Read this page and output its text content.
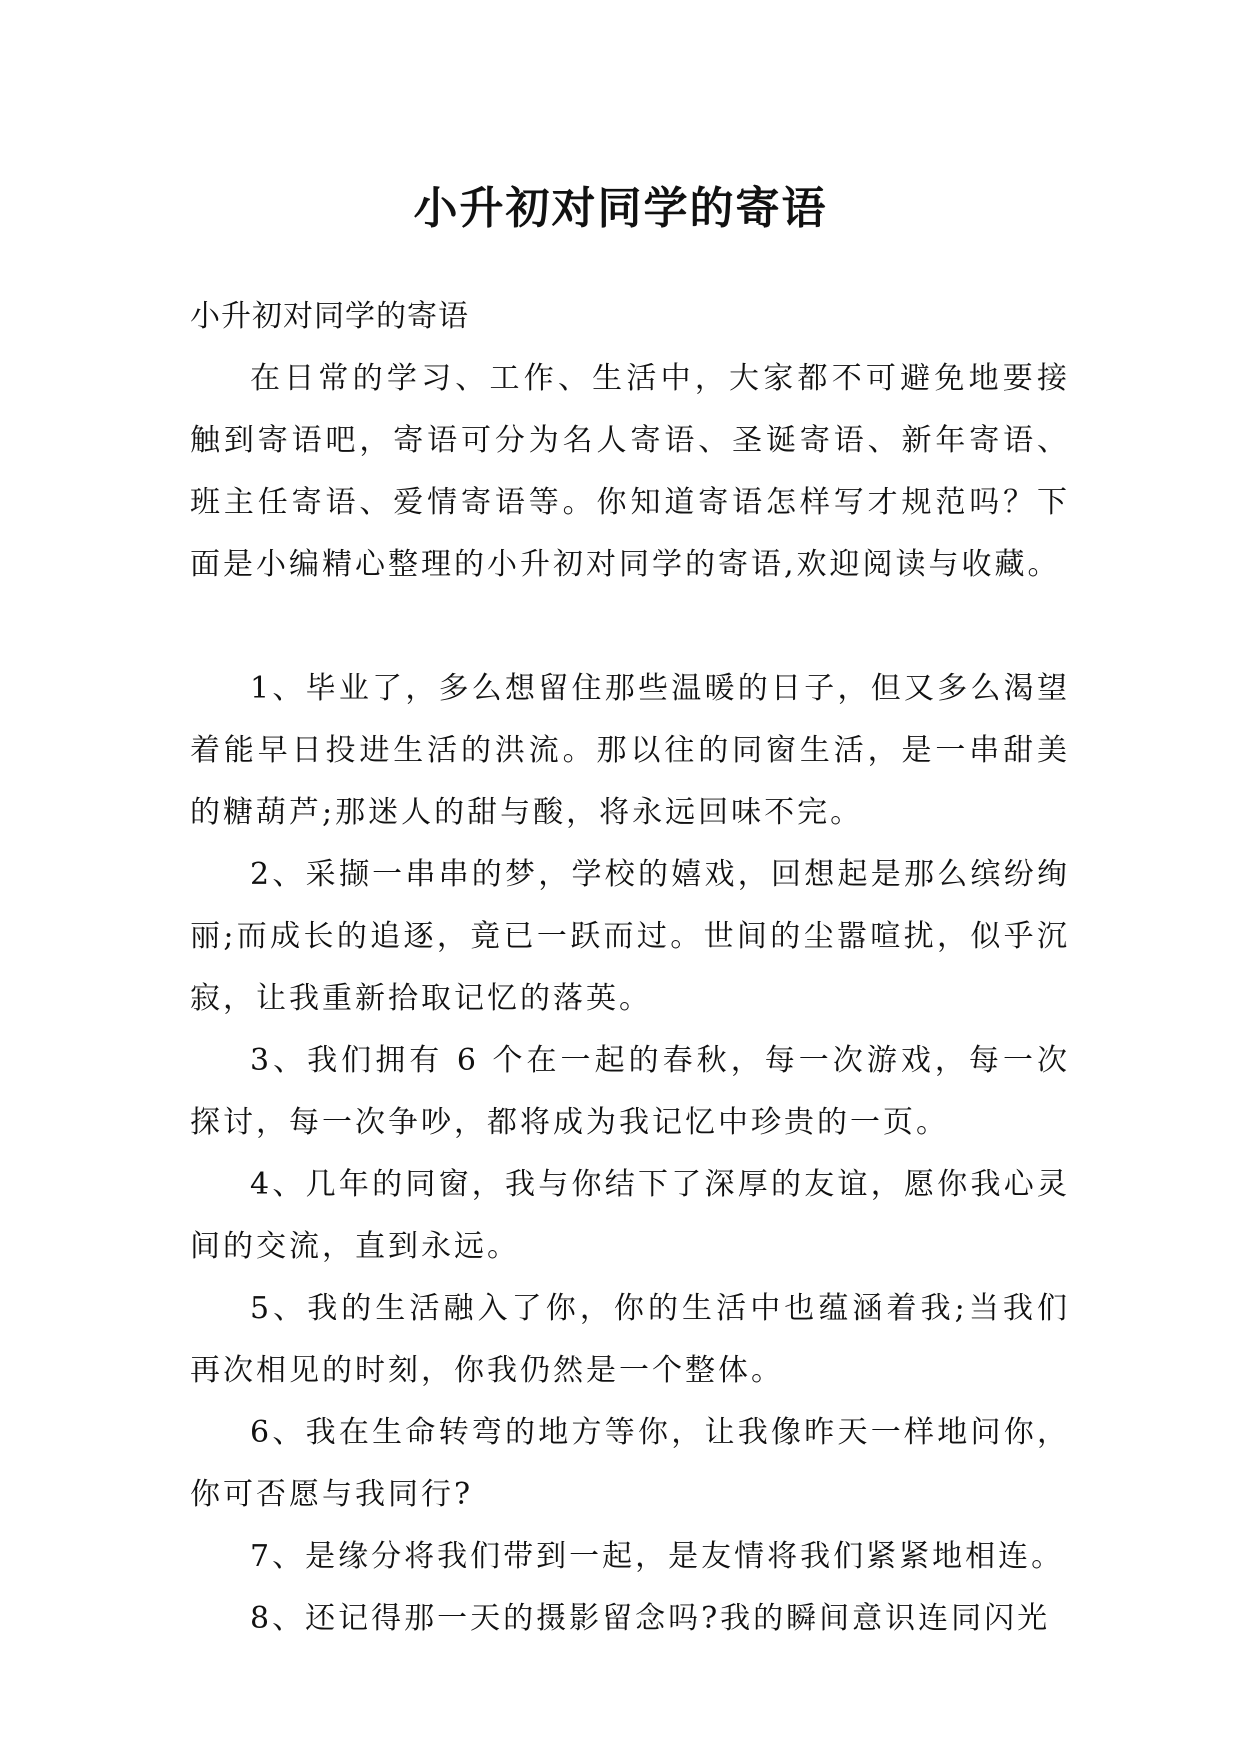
小升初对同学的寄语

小升初对同学的寄语

在日常的学习、工作、生活中，大家都不可避免地要接触到寄语吧，寄语可分为名人寄语、圣诞寄语、新年寄语、班主任寄语、爱情寄语等。你知道寄语怎样写才规范吗？下面是小编精心整理的小升初对同学的寄语,欢迎阅读与收藏。

1、毕业了，多么想留住那些温暖的日子，但又多么渴望着能早日投进生活的洪流。那以往的同窗生活，是一串甜美的糖葫芦;那迷人的甜与酸，将永远回味不完。

2、采撷一串串的梦，学校的嬉戏，回想起是那么缤纷绚丽;而成长的追逐，竟已一跃而过。世间的尘嚣喧扰，似乎沉寂，让我重新拾取记忆的落英。

3、我们拥有 6 个在一起的春秋，每一次游戏，每一次探讨，每一次争吵，都将成为我记忆中珍贵的一页。

4、几年的同窗，我与你结下了深厚的友谊，愿你我心灵间的交流，直到永远。

5、我的生活融入了你，你的生活中也蕴涵着我;当我们再次相见的时刻，你我仍然是一个整体。

6、我在生命转弯的地方等你，让我像昨天一样地问你，你可否愿与我同行?

7、是缘分将我们带到一起，是友情将我们紧紧地相连。

8、还记得那一天的摄影留念吗?我的瞬间意识连同闪光
